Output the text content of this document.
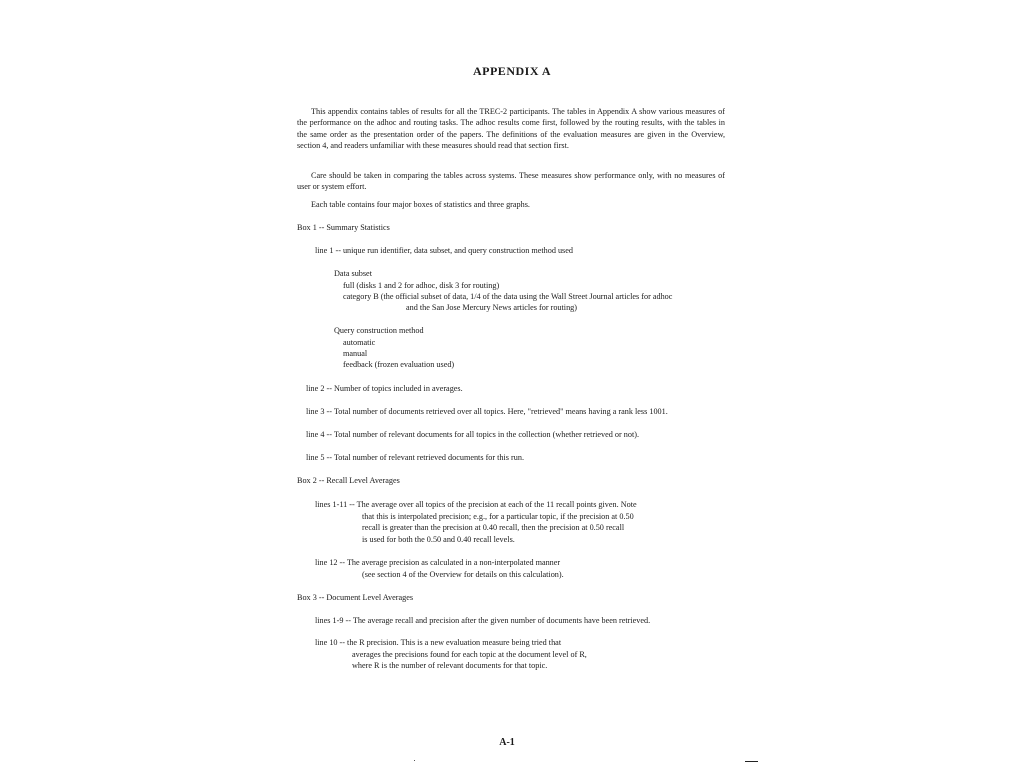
APPENDIX A

This appendix contains tables of results for all the TREC-2 participants. The tables in Appendix A show various measures of the performance on the adhoc and routing tasks. The adhoc results come first, followed by the routing results, with the tables in the same order as the presentation order of the papers. The definitions of the evaluation measures are given in the Overview, section 4, and readers unfamiliar with these measures should read that section first.

Care should be taken in comparing the tables across systems. These measures show performance only, with no measures of user or system effort.

Each table contains four major boxes of statistics and three graphs.

Box 1 -- Summary Statistics
line 1 -- unique run identifier, data subset, and query construction method used
Data subset
full (disks 1 and 2 for adhoc, disk 3 for routing)
category B (the official subset of data, 1/4 of the data using the Wall Street Journal articles for adhoc
and the San Jose Mercury News articles for routing)
Query construction method
automatic
manual
feedback (frozen evaluation used)
line 2 -- Number of topics included in averages.
line 3 -- Total number of documents retrieved over all topics. Here, "retrieved" means having a rank less 1001.
line 4 -- Total number of relevant documents for all topics in the collection (whether retrieved or not).
line 5 -- Total number of relevant retrieved documents for this run.
Box 2 -- Recall Level Averages
lines 1-11 -- The average over all topics of the precision at each of the 11 recall points given. Note
that this is interpolated precision; e.g., for a particular topic, if the precision at 0.50
recall is greater than the precision at 0.40 recall, then the precision at 0.50 recall
is used for both the 0.50 and 0.40 recall levels.
line 12 -- The average precision as calculated in a non-interpolated manner
(see section 4 of the Overview for details on this calculation).
Box 3 -- Document Level Averages
lines 1-9 -- The average recall and precision after the given number of documents have been retrieved.
line 10 -- the R precision. This is a new evaluation measure being tried that
averages the precisions found for each topic at the document level of R,
where R is the number of relevant documents for that topic.
A-1
